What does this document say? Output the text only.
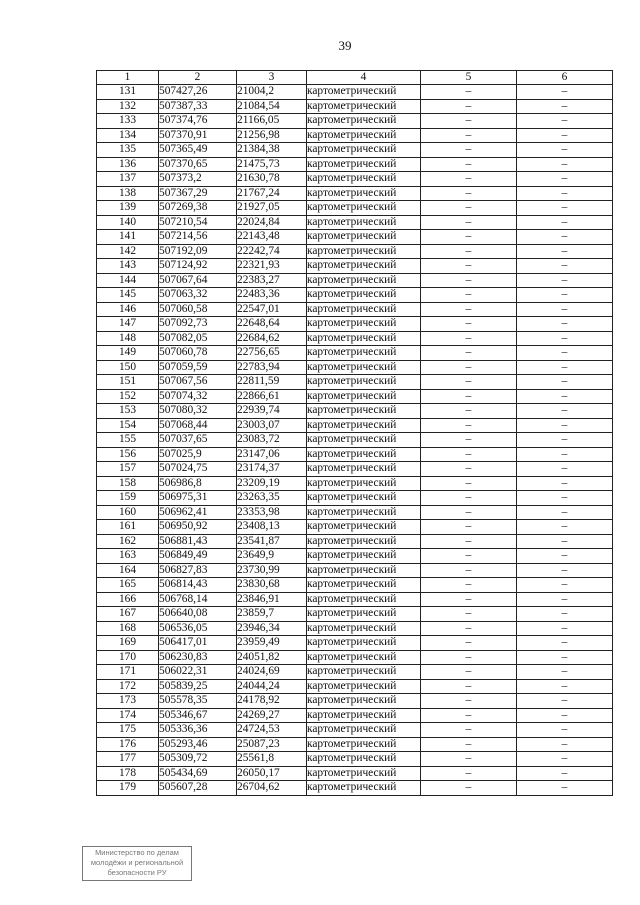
39
1	2	3	4	5	6
131	507427,26	21004,2	картометрический	–	–
132	507387,33	21084,54	картометрический	–	–
133	507374,76	21166,05	картометрический	–	–
134	507370,91	21256,98	картометрический	–	–
135	507365,49	21384,38	картометрический	–	–
136	507370,65	21475,73	картометрический	–	–
137	507373,2	21630,78	картометрический	–	–
138	507367,29	21767,24	картометрический	–	–
139	507269,38	21927,05	картометрический	–	–
140	507210,54	22024,84	картометрический	–	–
141	507214,56	22143,48	картометрический	–	–
142	507192,09	22242,74	картометрический	–	–
143	507124,92	22321,93	картометрический	–	–
144	507067,64	22383,27	картометрический	–	–
145	507063,32	22483,36	картометрический	–	–
146	507060,58	22547,01	картометрический	–	–
147	507092,73	22648,64	картометрический	–	–
148	507082,05	22684,62	картометрический	–	–
149	507060,78	22756,65	картометрический	–	–
150	507059,59	22783,94	картометрический	–	–
151	507067,56	22811,59	картометрический	–	–
152	507074,32	22866,61	картометрический	–	–
153	507080,32	22939,74	картометрический	–	–
154	507068,44	23003,07	картометрический	–	–
155	507037,65	23083,72	картометрический	–	–
156	507025,9	23147,06	картометрический	–	–
157	507024,75	23174,37	картометрический	–	–
158	506986,8	23209,19	картометрический	–	–
159	506975,31	23263,35	картометрический	–	–
160	506962,41	23353,98	картометрический	–	–
161	506950,92	23408,13	картометрический	–	–
162	506881,43	23541,87	картометрический	–	–
163	506849,49	23649,9	картометрический	–	–
164	506827,83	23730,99	картометрический	–	–
165	506814,43	23830,68	картометрический	–	–
166	506768,14	23846,91	картометрический	–	–
167	506640,08	23859,7	картометрический	–	–
168	506536,05	23946,34	картометрический	–	–
169	506417,01	23959,49	картометрический	–	–
170	506230,83	24051,82	картометрический	–	–
171	506022,31	24024,69	картометрический	–	–
172	505839,25	24044,24	картометрический	–	–
173	505578,35	24178,92	картометрический	–	–
174	505346,67	24269,27	картометрический	–	–
175	505336,36	24724,53	картометрический	–	–
176	505293,46	25087,23	картометрический	–	–
177	505309,72	25561,8	картометрический	–	–
178	505434,69	26050,17	картометрический	–	–
179	505607,28	26704,62	картометрический	–	–
Министерство по делам
молодёжи и региональной
безопасности РУ
